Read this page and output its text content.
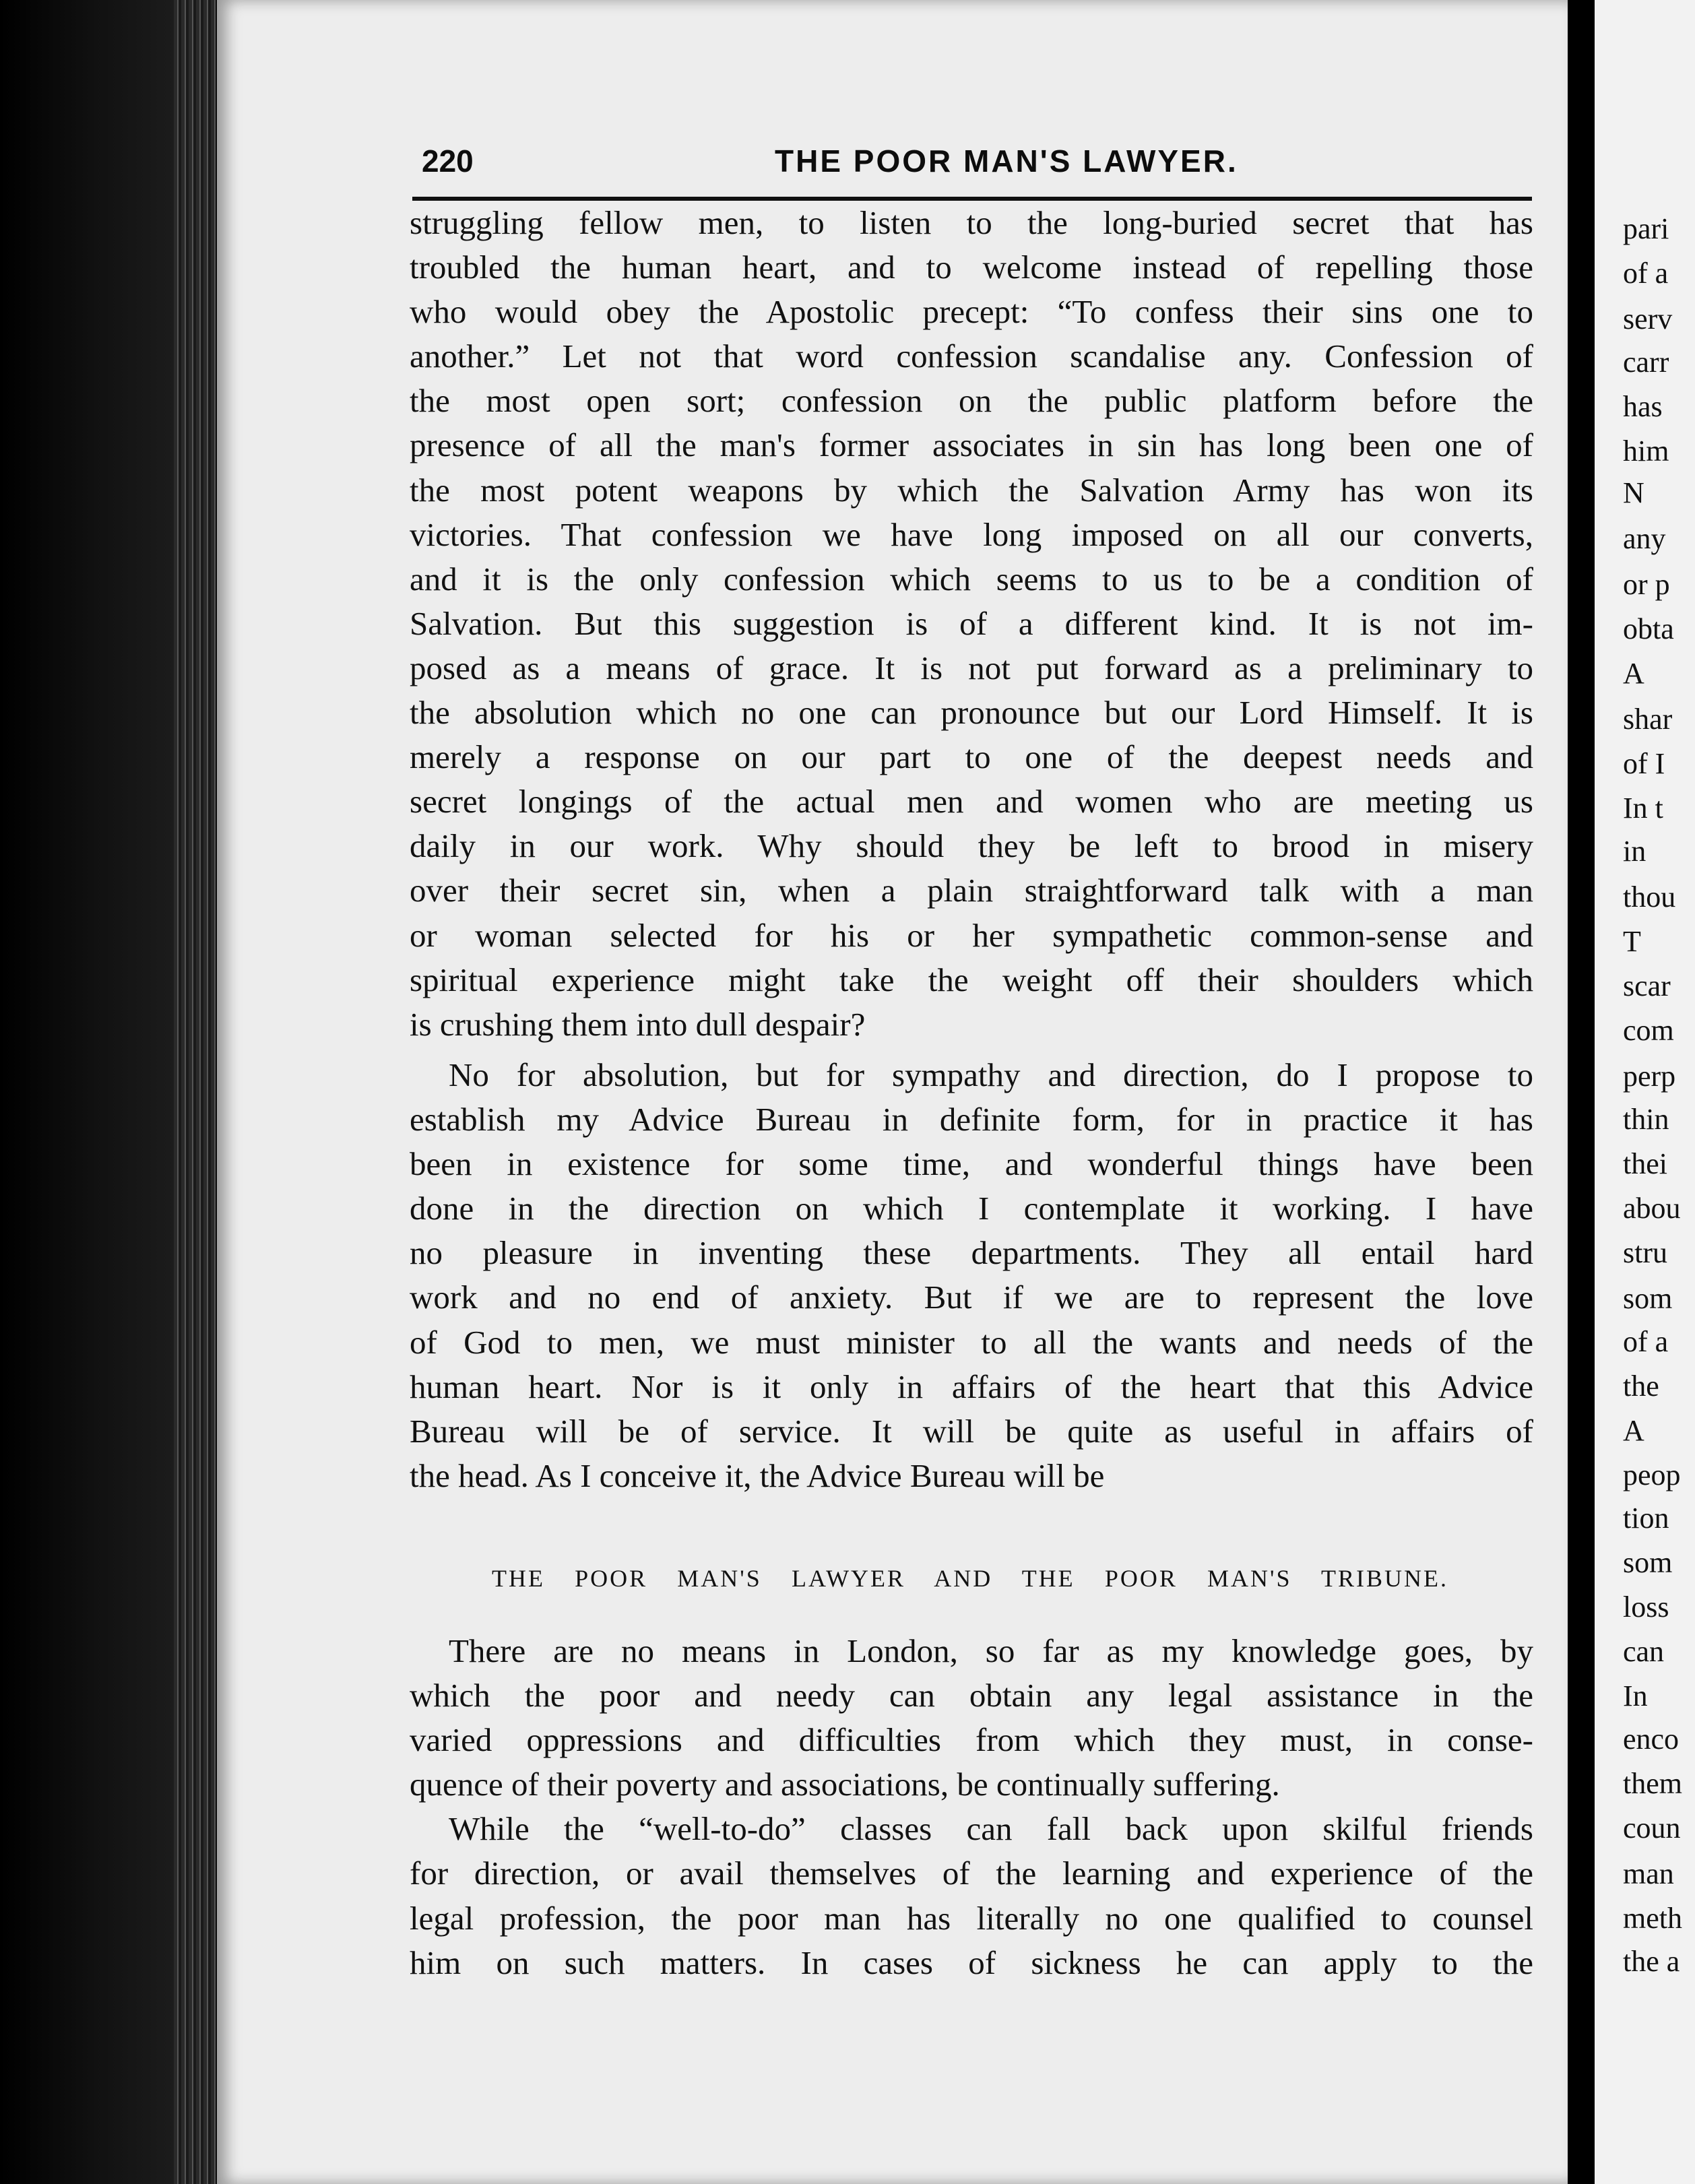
220	THE POOR MAN'S LAWYER.
struggling fellow men, to listen to the long-buried secret that has
troubled the human heart, and to welcome instead of repelling those
who would obey the Apostolic precept: “To confess their sins one to
another.” Let not that word confession scandalise any. Confession of
the most open sort; confession on the public platform before the
presence of all the man's former associates in sin has long been one of
the most potent weapons by which the Salvation Army has won its
victories. That confession we have long imposed on all our converts,
and it is the only confession which seems to us to be a condition of
Salvation. But this suggestion is of a different kind. It is not im-
posed as a means of grace. It is not put forward as a preliminary to
the absolution which no one can pronounce but our Lord Himself. It is
merely a response on our part to one of the deepest needs and
secret longings of the actual men and women who are meeting us
daily in our work. Why should they be left to brood in misery
over their secret sin, when a plain straightforward talk with a man
or woman selected for his or her sympathetic common-sense and
spiritual experience might take the weight off their shoulders which
is crushing them into dull despair?
No for absolution, but for sympathy and direction, do I propose to
establish my Advice Bureau in definite form, for in practice it has
been in existence for some time, and wonderful things have been
done in the direction on which I contemplate it working. I have
no pleasure in inventing these departments. They all entail hard
work and no end of anxiety. But if we are to represent the love
of God to men, we must minister to all the wants and needs of the
human heart. Nor is it only in affairs of the heart that this Advice
Bureau will be of service. It will be quite as useful in affairs of
the head. As I conceive it, the Advice Bureau will be
THE POOR MAN'S LAWYER AND THE POOR MAN'S TRIBUNE.
There are no means in London, so far as my knowledge goes, by
which the poor and needy can obtain any legal assistance in the
varied oppressions and difficulties from which they must, in conse-
quence of their poverty and associations, be continually suffering.
While the “well-to-do” classes can fall back upon skilful friends
for direction, or avail themselves of the learning and experience of the
legal profession, the poor man has literally no one qualified to counsel
him on such matters. In cases of sickness he can apply to the
pari
of a
serv
carr
has
him
N
any
or p
obta
A
shar
of I
In t
in
thou
T
scar
com
perp
thin
thei
abou
stru
som
of a
the
A
peop
tion
som
loss
can
In
enco
them
coun
man
meth
the a
